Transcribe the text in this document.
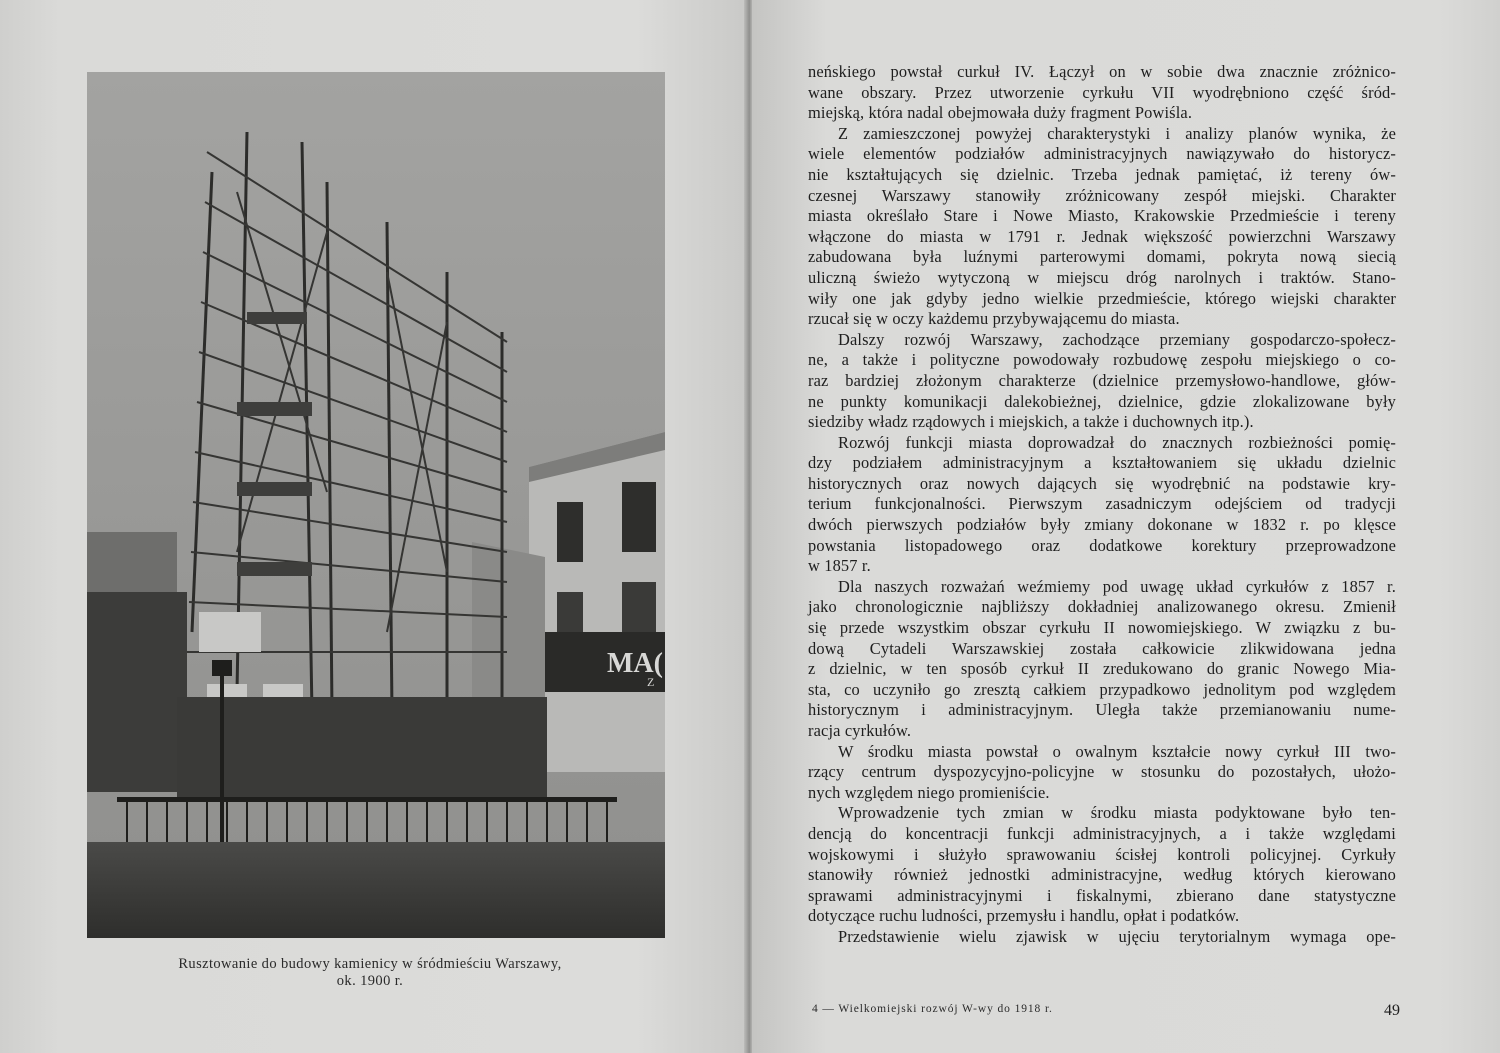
MA(
Z
Rusztowanie do budowy kamienicy w śródmieściu Warszawy,
ok. 1900 r.
neńskiego powstał curkuł IV. Łączył on w sobie dwa znacznie zróżnico-
wane obszary. Przez utworzenie cyrkułu VII wyodrębniono część śród-
miejską, która nadal obejmowała duży fragment Powiśla.
Z zamieszczonej powyżej charakterystyki i analizy planów wynika, że
wiele elementów podziałów administracyjnych nawiązywało do historycz-
nie kształtujących się dzielnic. Trzeba jednak pamiętać, iż tereny ów-
czesnej Warszawy stanowiły zróżnicowany zespół miejski. Charakter
miasta określało Stare i Nowe Miasto, Krakowskie Przedmieście i tereny
włączone do miasta w 1791 r. Jednak większość powierzchni Warszawy
zabudowana była luźnymi parterowymi domami, pokryta nową siecią
uliczną świeżo wytyczoną w miejscu dróg narolnych i traktów. Stano-
wiły one jak gdyby jedno wielkie przedmieście, którego wiejski charakter
rzucał się w oczy każdemu przybywającemu do miasta.
Dalszy rozwój Warszawy, zachodzące przemiany gospodarczo-społecz-
ne, a także i polityczne powodowały rozbudowę zespołu miejskiego o co-
raz bardziej złożonym charakterze (dzielnice przemysłowo-handlowe, głów-
ne punkty komunikacji dalekobieżnej, dzielnice, gdzie zlokalizowane były
siedziby władz rządowych i miejskich, a także i duchownych itp.).
Rozwój funkcji miasta doprowadzał do znacznych rozbieżności pomię-
dzy podziałem administracyjnym a kształtowaniem się układu dzielnic
historycznych oraz nowych dających się wyodrębnić na podstawie kry-
terium funkcjonalności. Pierwszym zasadniczym odejściem od tradycji
dwóch pierwszych podziałów były zmiany dokonane w 1832 r. po klęsce
powstania listopadowego oraz dodatkowe korektury przeprowadzone
w 1857 r.
Dla naszych rozważań weźmiemy pod uwagę układ cyrkułów z 1857 r.
jako chronologicznie najbliższy dokładniej analizowanego okresu. Zmienił
się przede wszystkim obszar cyrkułu II nowomiejskiego. W związku z bu-
dową Cytadeli Warszawskiej została całkowicie zlikwidowana jedna
z dzielnic, w ten sposób cyrkuł II zredukowano do granic Nowego Mia-
sta, co uczyniło go zresztą całkiem przypadkowo jednolitym pod względem
historycznym i administracyjnym. Uległa także przemianowaniu nume-
racja cyrkułów.
W środku miasta powstał o owalnym kształcie nowy cyrkuł III two-
rzący centrum dyspozycyjno-policyjne w stosunku do pozostałych, ułożo-
nych względem niego promieniście.
Wprowadzenie tych zmian w środku miasta podyktowane było ten-
dencją do koncentracji funkcji administracyjnych, a i także względami
wojskowymi i służyło sprawowaniu ścisłej kontroli policyjnej. Cyrkuły
stanowiły również jednostki administracyjne, według których kierowano
sprawami administracyjnymi i fiskalnymi, zbierano dane statystyczne
dotyczące ruchu ludności, przemysłu i handlu, opłat i podatków.
Przedstawienie wielu zjawisk w ujęciu terytorialnym wymaga ope-
4 — Wielkomiejski rozwój W-wy do 1918 r.	49
